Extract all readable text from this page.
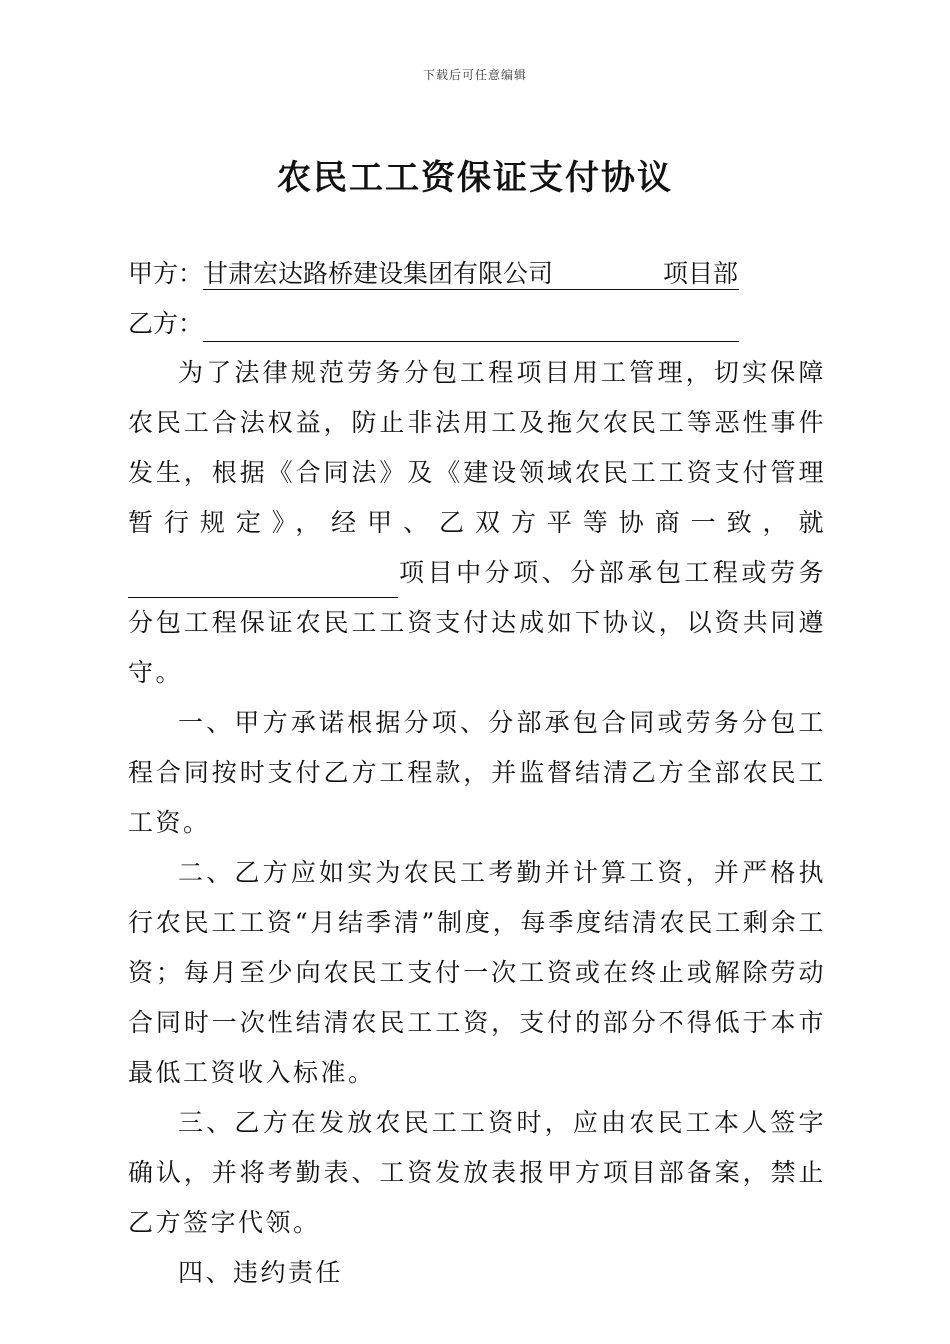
下载后可任意编辑
农民工工资保证支付协议
甲方：甘肃宏达路桥建设集团有限公司	项目部
乙方：

为了法律规范劳务分包工程项目用工管理，切实保障农民工合法权益，防止非法用工及拖欠农民工等恶性事件发生，根据《合同法》及《建设领域农民工工资支付管理暂行规定》，经甲、乙双方平等协商一致，就项目中分项、分部承包工程或劳务分包工程保证农民工工资支付达成如下协议，以资共同遵守。

一、甲方承诺根据分项、分部承包合同或劳务分包工程合同按时支付乙方工程款，并监督结清乙方全部农民工工资。

二、乙方应如实为农民工考勤并计算工资，并严格执行农民工工资“月结季清”制度，每季度结清农民工剩余工资；每月至少向农民工支付一次工资或在终止或解除劳动合同时一次性结清农民工工资，支付的部分不得低于本市最低工资收入标准。

三、乙方在发放农民工工资时，应由农民工本人签字确认，并将考勤表、工资发放表报甲方项目部备案，禁止乙方签字代领。

四、违约责任
